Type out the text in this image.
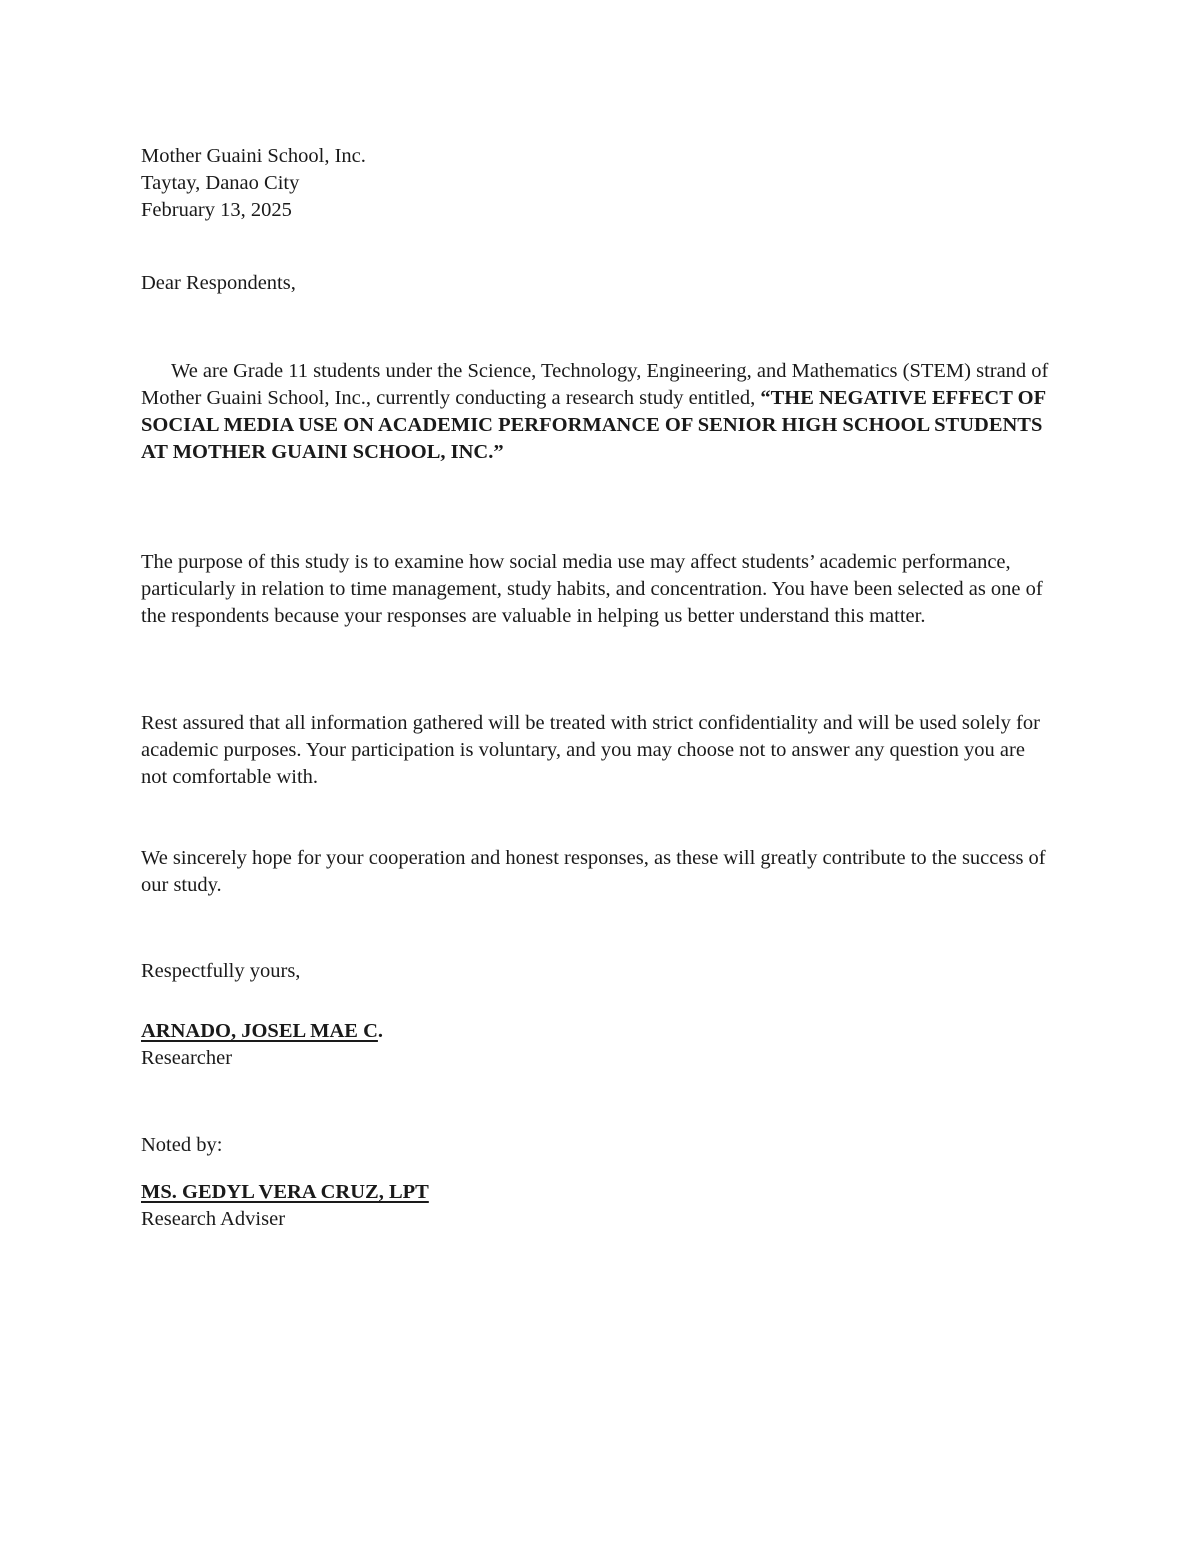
Mother Guaini School, Inc.
Taytay, Danao City
February 13, 2025
Dear Respondents,

We are Grade 11 students under the Science, Technology, Engineering, and Mathematics (STEM) strand of Mother Guaini School, Inc., currently conducting a research study entitled, “THE NEGATIVE EFFECT OF SOCIAL MEDIA USE ON ACADEMIC PERFORMANCE OF SENIOR HIGH SCHOOL STUDENTS AT MOTHER GUAINI SCHOOL, INC.”

The purpose of this study is to examine how social media use may affect students’ academic performance, particularly in relation to time management, study habits, and concentration. You have been selected as one of the respondents because your responses are valuable in helping us better understand this matter.

Rest assured that all information gathered will be treated with strict confidentiality and will be used solely for academic purposes. Your participation is voluntary, and you may choose not to answer any question you are not comfortable with.

We sincerely hope for your cooperation and honest responses, as these will greatly contribute to the success of our study.

Respectfully yours,
ARNADO, JOSEL MAE C.
Researcher
Noted by:
MS. GEDYL VERA CRUZ, LPT
Research Adviser
